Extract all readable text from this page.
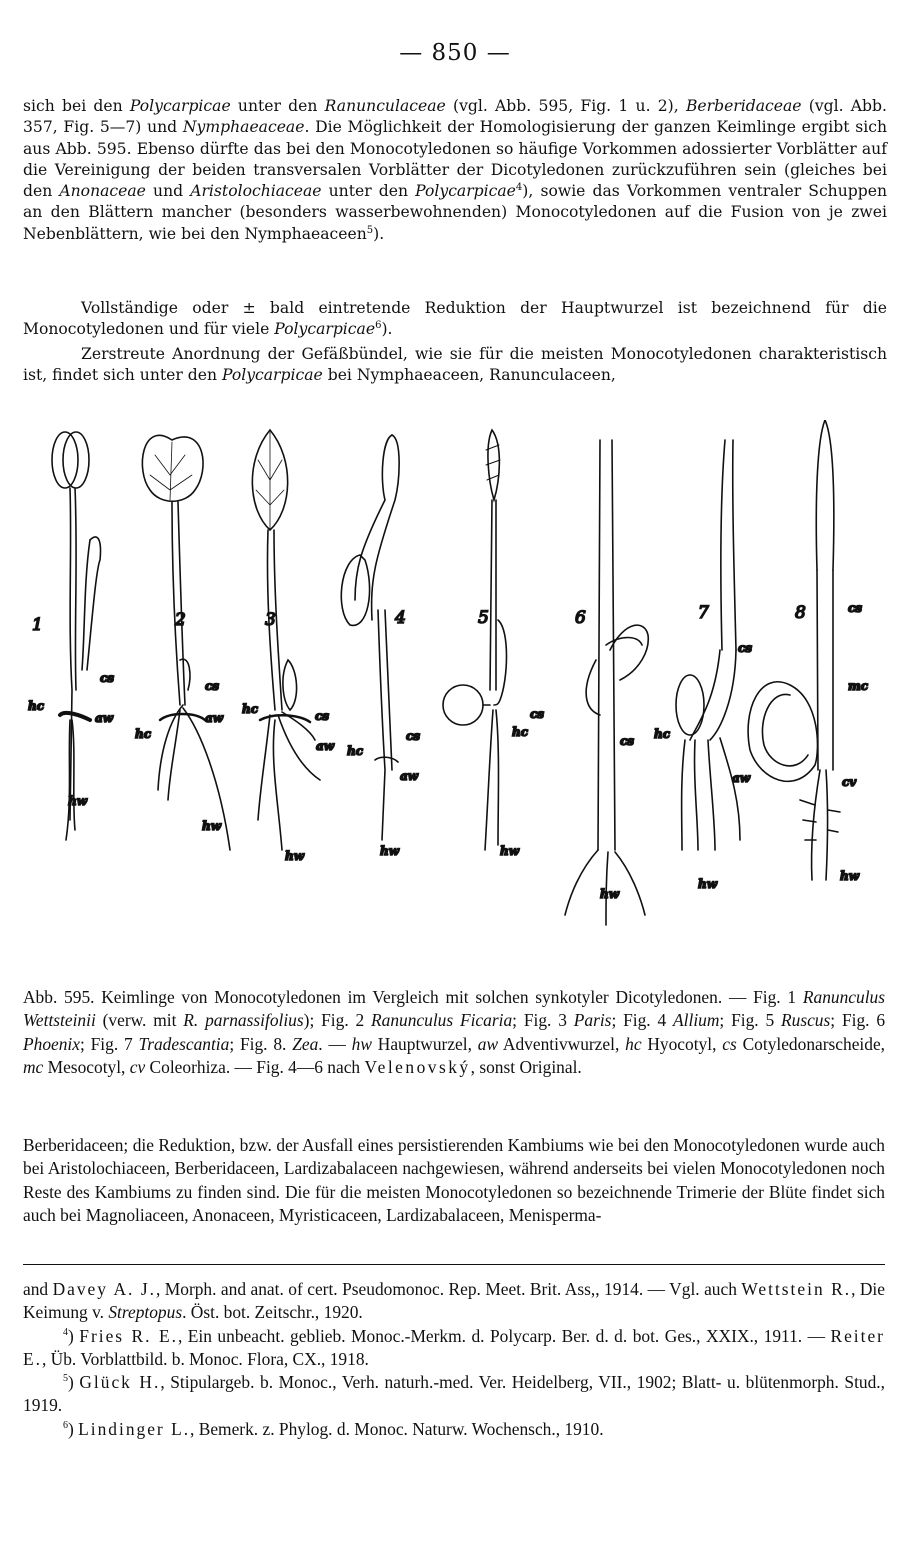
— 850 —

sich bei den Polycarpicae unter den Ranunculaceae (vgl. Abb. 595, Fig. 1 u. 2), Berberidaceae (vgl. Abb. 357, Fig. 5—7) und Nymphaeaceae. Die Möglichkeit der Homologisierung der ganzen Keimlinge ergibt sich aus Abb. 595. Ebenso dürfte das bei den Monocotyledonen so häufige Vorkommen adossierter Vorblätter auf die Vereinigung der beiden transversalen Vorblätter der Dicotyledonen zurückzuführen sein (gleiches bei den Anonaceae und Aristolochiaceae unter den Polycarpicae$^4$), sowie das Vorkommen ventraler Schuppen an den Blättern mancher (besonders wasserbewohnenden) Monocotyledonen auf die Fusion von je zwei Nebenblättern, wie bei den Nymphaeaceen$^5$).

Vollständige oder ± bald eintretende Reduktion der Hauptwurzel ist bezeichnend für die Monocotyledonen und für viele Polycarpicae$^6$).

Zerstreute Anordnung der Gefäßbündel, wie sie für die meisten Monocotyledonen charakteristisch ist, findet sich unter den Polycarpicae bei Nymphaeaceen, Ranunculaceen,

1	2	3	4	5	6	7	8
cs
hc
aw
hw
cs
aw
hc
hw
hc	cs
aw
hw
hc
cs
aw
hw
cs
hc
hw
cs
hw
cs
hc
aw
hw
cs
mc
cv
hw

Abb. 595. Keimlinge von Monocotyledonen im Vergleich mit solchen synkotyler Dicotyledonen. — Fig. 1 Ranunculus Wettsteinii (verw. mit R. parnassifolius); Fig. 2 Ranunculus Ficaria; Fig. 3 Paris; Fig. 4 Allium; Fig. 5 Ruscus; Fig. 6 Phoenix; Fig. 7 Tradescantia; Fig. 8. Zea. — hw Hauptwurzel, aw Adventivwurzel, hc Hyocotyl, cs Cotyledonarscheide, mc Mesocotyl, cv Coleorhiza. — Fig. 4—6 nach Velenovský, sonst Original.

Berberidaceen; die Reduktion, bzw. der Ausfall eines persistierenden Kambiums wie bei den Monocotyledonen wurde auch bei Aristolochiaceen, Berberidaceen, Lardizabalaceen nachgewiesen, während anderseits bei vielen Monocotyledonen noch Reste des Kambiums zu finden sind. Die für die meisten Monocotyledonen so bezeichnende Trimerie der Blüte findet sich auch bei Magnoliaceen, Anonaceen, Myristicaceen, Lardizabalaceen, Menisperma-

and Davey A. J., Morph. and anat. of cert. Pseudomonoc. Rep. Meet. Brit. Ass,, 1914. — Vgl. auch Wettstein R., Die Keimung v. Streptopus. Öst. bot. Zeitschr., 1920.

$^4$) Fries R. E., Ein unbeacht. geblieb. Monoc.-Merkm. d. Polycarp. Ber. d. d. bot. Ges., XXIX., 1911. — Reiter E., Üb. Vorblattbild. b. Monoc. Flora, CX., 1918.

$^5$) Glück H., Stipulargeb. b. Monoc., Verh. naturh.-med. Ver. Heidelberg, VII., 1902; Blatt- u. blütenmorph. Stud., 1919.

$^6$) Lindinger L., Bemerk. z. Phylog. d. Monoc. Naturw. Wochensch., 1910.
